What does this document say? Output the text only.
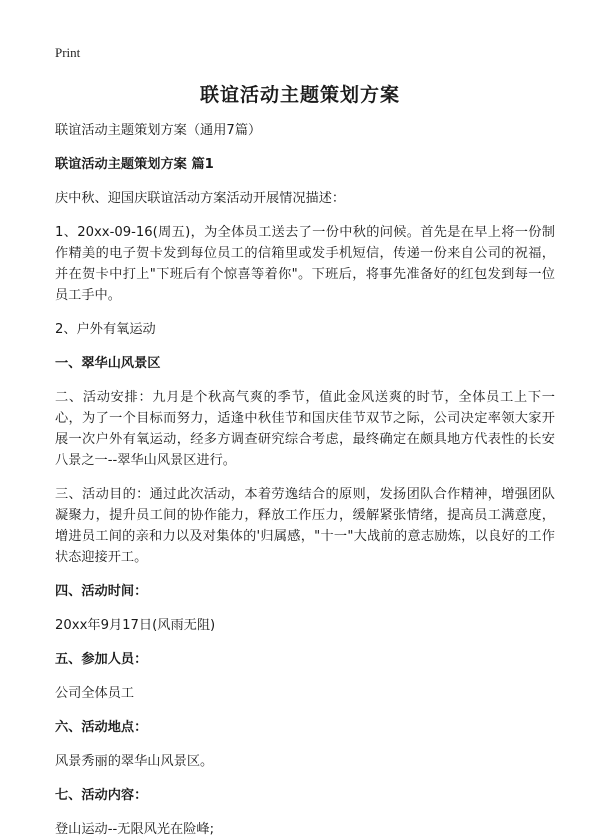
Print
联谊活动主题策划方案

联谊活动主题策划方案（通用7篇）

联谊活动主题策划方案 篇1

庆中秋、迎国庆联谊活动方案活动开展情况描述：

1、20xx-09-16(周五)，为全体员工送去了一份中秋的问候。首先是在早上将一份制作精美的电子贺卡发到每位员工的信箱里或发手机短信，传递一份来自公司的祝福，并在贺卡中打上"下班后有个惊喜等着你"。下班后，将事先准备好的红包发到每一位员工手中。

2、户外有氧运动

一、翠华山风景区

二、活动安排：九月是个秋高气爽的季节，值此金风送爽的时节，全体员工上下一心，为了一个目标而努力，适逢中秋佳节和国庆佳节双节之际，公司决定率领大家开展一次户外有氧运动，经多方调查研究综合考虑，最终确定在颇具地方代表性的长安八景之一--翠华山风景区进行。

三、活动目的：通过此次活动，本着劳逸结合的原则，发扬团队合作精神，增强团队凝聚力，提升员工间的协作能力，释放工作压力，缓解紧张情绪，提高员工满意度，增进员工间的亲和力以及对集体的'归属感，"十一"大战前的意志励炼，以良好的工作状态迎接开工。

四、活动时间：

20xx年9月17日(风雨无阻)

五、参加人员：

公司全体员工

六、活动地点：

风景秀丽的翠华山风景区。

七、活动内容：

登山运动--无限风光在险峰;
